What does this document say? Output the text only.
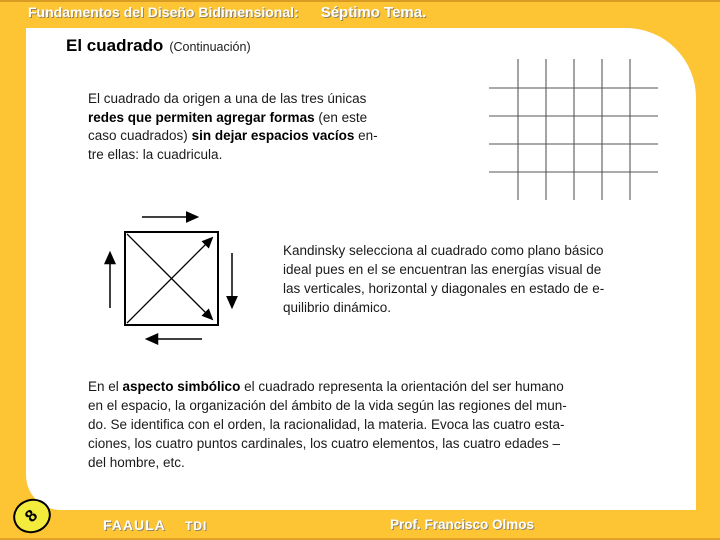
Fundamentos del Diseño Bidimensional: Séptimo Tema.
El cuadrado (Continuación)
El cuadrado da origen a una de las tres únicas
redes que permiten agregar formas (en este
caso cuadrados) sin dejar espacios vacíos en-
tre ellas: la cuadricula.
Kandinsky selecciona al cuadrado como plano básico
ideal pues en el se encuentran las energías visual de
las verticales, horizontal y diagonales en estado de e-
quilibrio dinámico.
En el aspecto simbólico el cuadrado representa la orientación del ser humano
en el espacio, la organización del ámbito de la vida según las regiones del mun-
do. Se identifica con el orden, la racionalidad, la materia. Evoca las cuatro esta-
ciones, los cuatro puntos cardinales, los cuatro elementos, las cuatro edades –
del hombre, etc.
8	FAAULA TDI	Prof. Francisco Olmos
